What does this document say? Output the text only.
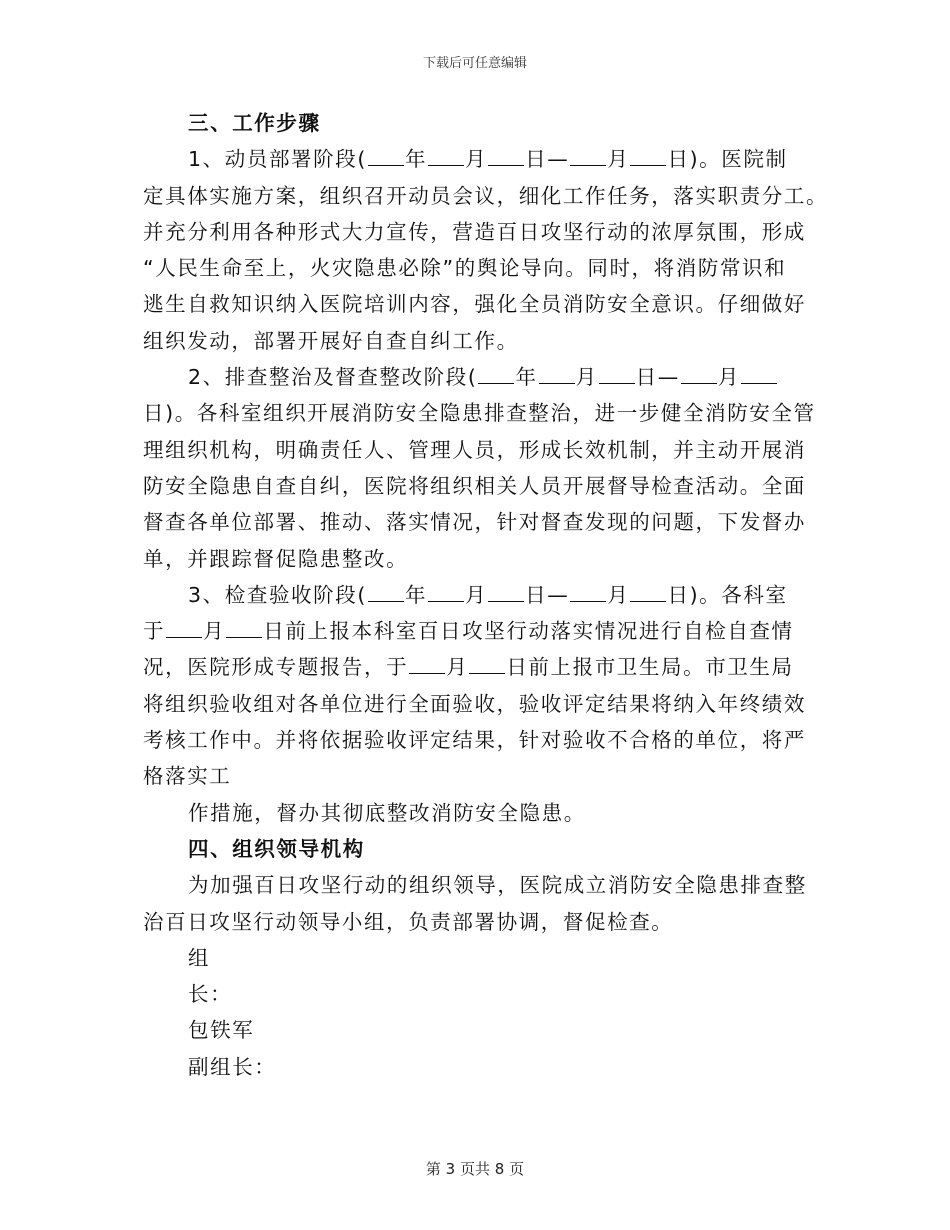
下载后可任意编辑
三、工作步骤
1、动员部署阶段( 年 月 日— 月 日)。医院制
定具体实施方案，组织召开动员会议，细化工作任务，落实职责分工。
并充分利用各种形式大力宣传，营造百日攻坚行动的浓厚氛围，形成
“人民生命至上，火灾隐患必除”的舆论导向。同时，将消防常识和
逃生自救知识纳入医院培训内容，强化全员消防安全意识。仔细做好
组织发动，部署开展好自查自纠工作。
2、排查整治及督查整改阶段( 年 月 日— 月
日)。各科室组织开展消防安全隐患排查整治，进一步健全消防安全管
理组织机构，明确责任人、管理人员，形成长效机制，并主动开展消
防安全隐患自查自纠，医院将组织相关人员开展督导检查活动。全面
督查各单位部署、推动、落实情况，针对督查发现的问题，下发督办
单，并跟踪督促隐患整改。
3、检查验收阶段( 年 月 日— 月 日)。各科室
于 月 日前上报本科室百日攻坚行动落实情况进行自检自查情
况，医院形成专题报告，于 月 日前上报市卫生局。市卫生局
将组织验收组对各单位进行全面验收，验收评定结果将纳入年终绩效
考核工作中。并将依据验收评定结果，针对验收不合格的单位，将严
格落实工
作措施，督办其彻底整改消防安全隐患。
四、组织领导机构
为加强百日攻坚行动的组织领导，医院成立消防安全隐患排查整
治百日攻坚行动领导小组，负责部署协调，督促检查。
组
长：
包铁军
副组长：
第 3 页共 8 页
